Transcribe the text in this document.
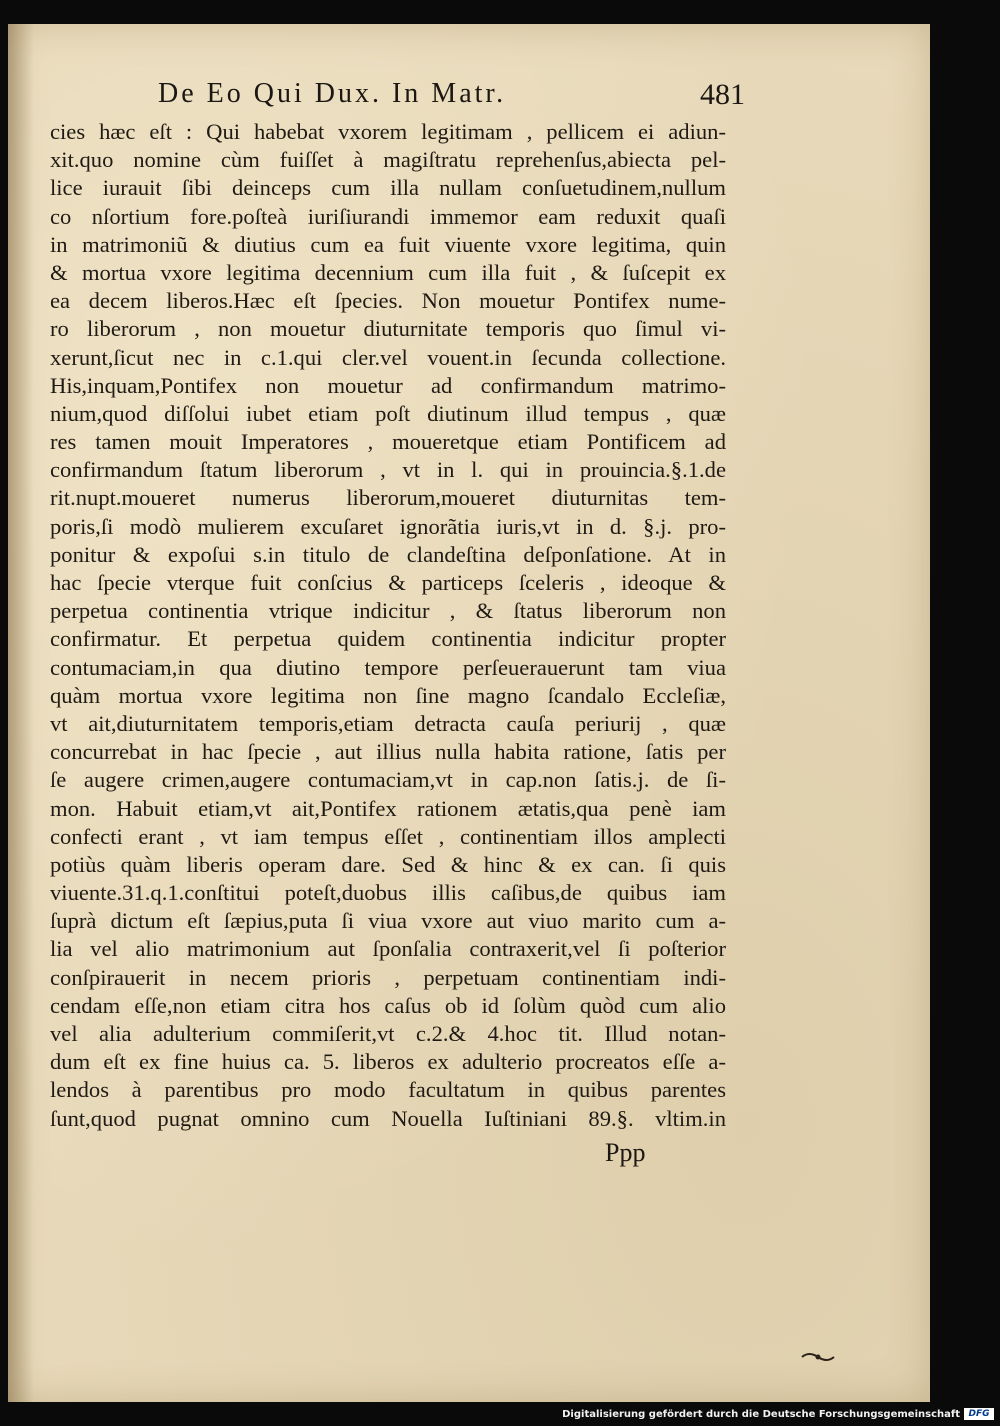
De Eo Qui Dux. In Matr.	481
cies hæc eſt : Qui habebat vxorem legitimam , pellicem ei adiun-
xit.quo nomine cùm fuiſſet à magiſtratu reprehenſus,abiecta pel-
lice iurauit ſibi deinceps cum illa nullam conſuetudinem,nullum
co nſortium fore.poſteà iuriſiurandi immemor eam reduxit quaſi
in matrimoniũ & diutius cum ea fuit viuente vxore legitima, quin
& mortua vxore legitima decennium cum illa fuit , & ſuſcepit ex
ea decem liberos.Hæc eſt ſpecies. Non mouetur Pontifex nume-
ro liberorum , non mouetur diuturnitate temporis quo ſimul vi-
xerunt,ſicut nec in c.1.qui cler.vel vouent.in ſecunda collectione.
His,inquam,Pontifex non mouetur ad confirmandum matrimo-
nium,quod diſſolui iubet etiam poſt diutinum illud tempus , quæ
res tamen mouit Imperatores , moueretque etiam Pontificem ad
confirmandum ſtatum liberorum , vt in l. qui in prouincia.§.1.de
rit.nupt.moueret numerus liberorum,moueret diuturnitas tem-
poris,ſi modò mulierem excuſaret ignorãtia iuris,vt in d. §.j. pro-
ponitur & expoſui s.in titulo de clandeſtina deſponſatione. At in
hac ſpecie vterque fuit conſcius & particeps ſceleris , ideoque &
perpetua continentia vtrique indicitur , & ſtatus liberorum non
confirmatur. Et perpetua quidem continentia indicitur propter
contumaciam,in qua diutino tempore perſeuerauerunt tam viua
quàm mortua vxore legitima non ſine magno ſcandalo Eccleſiæ,
vt ait,diuturnitatem temporis,etiam detracta cauſa periurij , quæ
concurrebat in hac ſpecie , aut illius nulla habita ratione, ſatis per
ſe augere crimen,augere contumaciam,vt in cap.non ſatis.j. de ſi-
mon. Habuit etiam,vt ait,Pontifex rationem ætatis,qua penè iam
confecti erant , vt iam tempus eſſet , continentiam illos amplecti
potiùs quàm liberis operam dare. Sed & hinc & ex can. ſi quis
viuente.31.q.1.conſtitui poteſt,duobus illis caſibus,de quibus iam
ſuprà dictum eſt ſæpius,puta ſi viua vxore aut viuo marito cum a-
lia vel alio matrimonium aut ſponſalia contraxerit,vel ſi poſterior
conſpirauerit in necem prioris , perpetuam continentiam indi-
cendam eſſe,non etiam citra hos caſus ob id ſolùm quòd cum alio
vel alia adulterium commiſerit,vt c.2.& 4.hoc tit. Illud notan-
dum eſt ex fine huius ca. 5. liberos ex adulterio procreatos eſſe a-
lendos à parentibus pro modo facultatum in quibus parentes
ſunt,quod pugnat omnino cum Nouella Iuſtiniani 89.§. vltim.in
Ppp
Digitalisierung gefördert durch die Deutsche Forschungsgemeinschaft DFG
